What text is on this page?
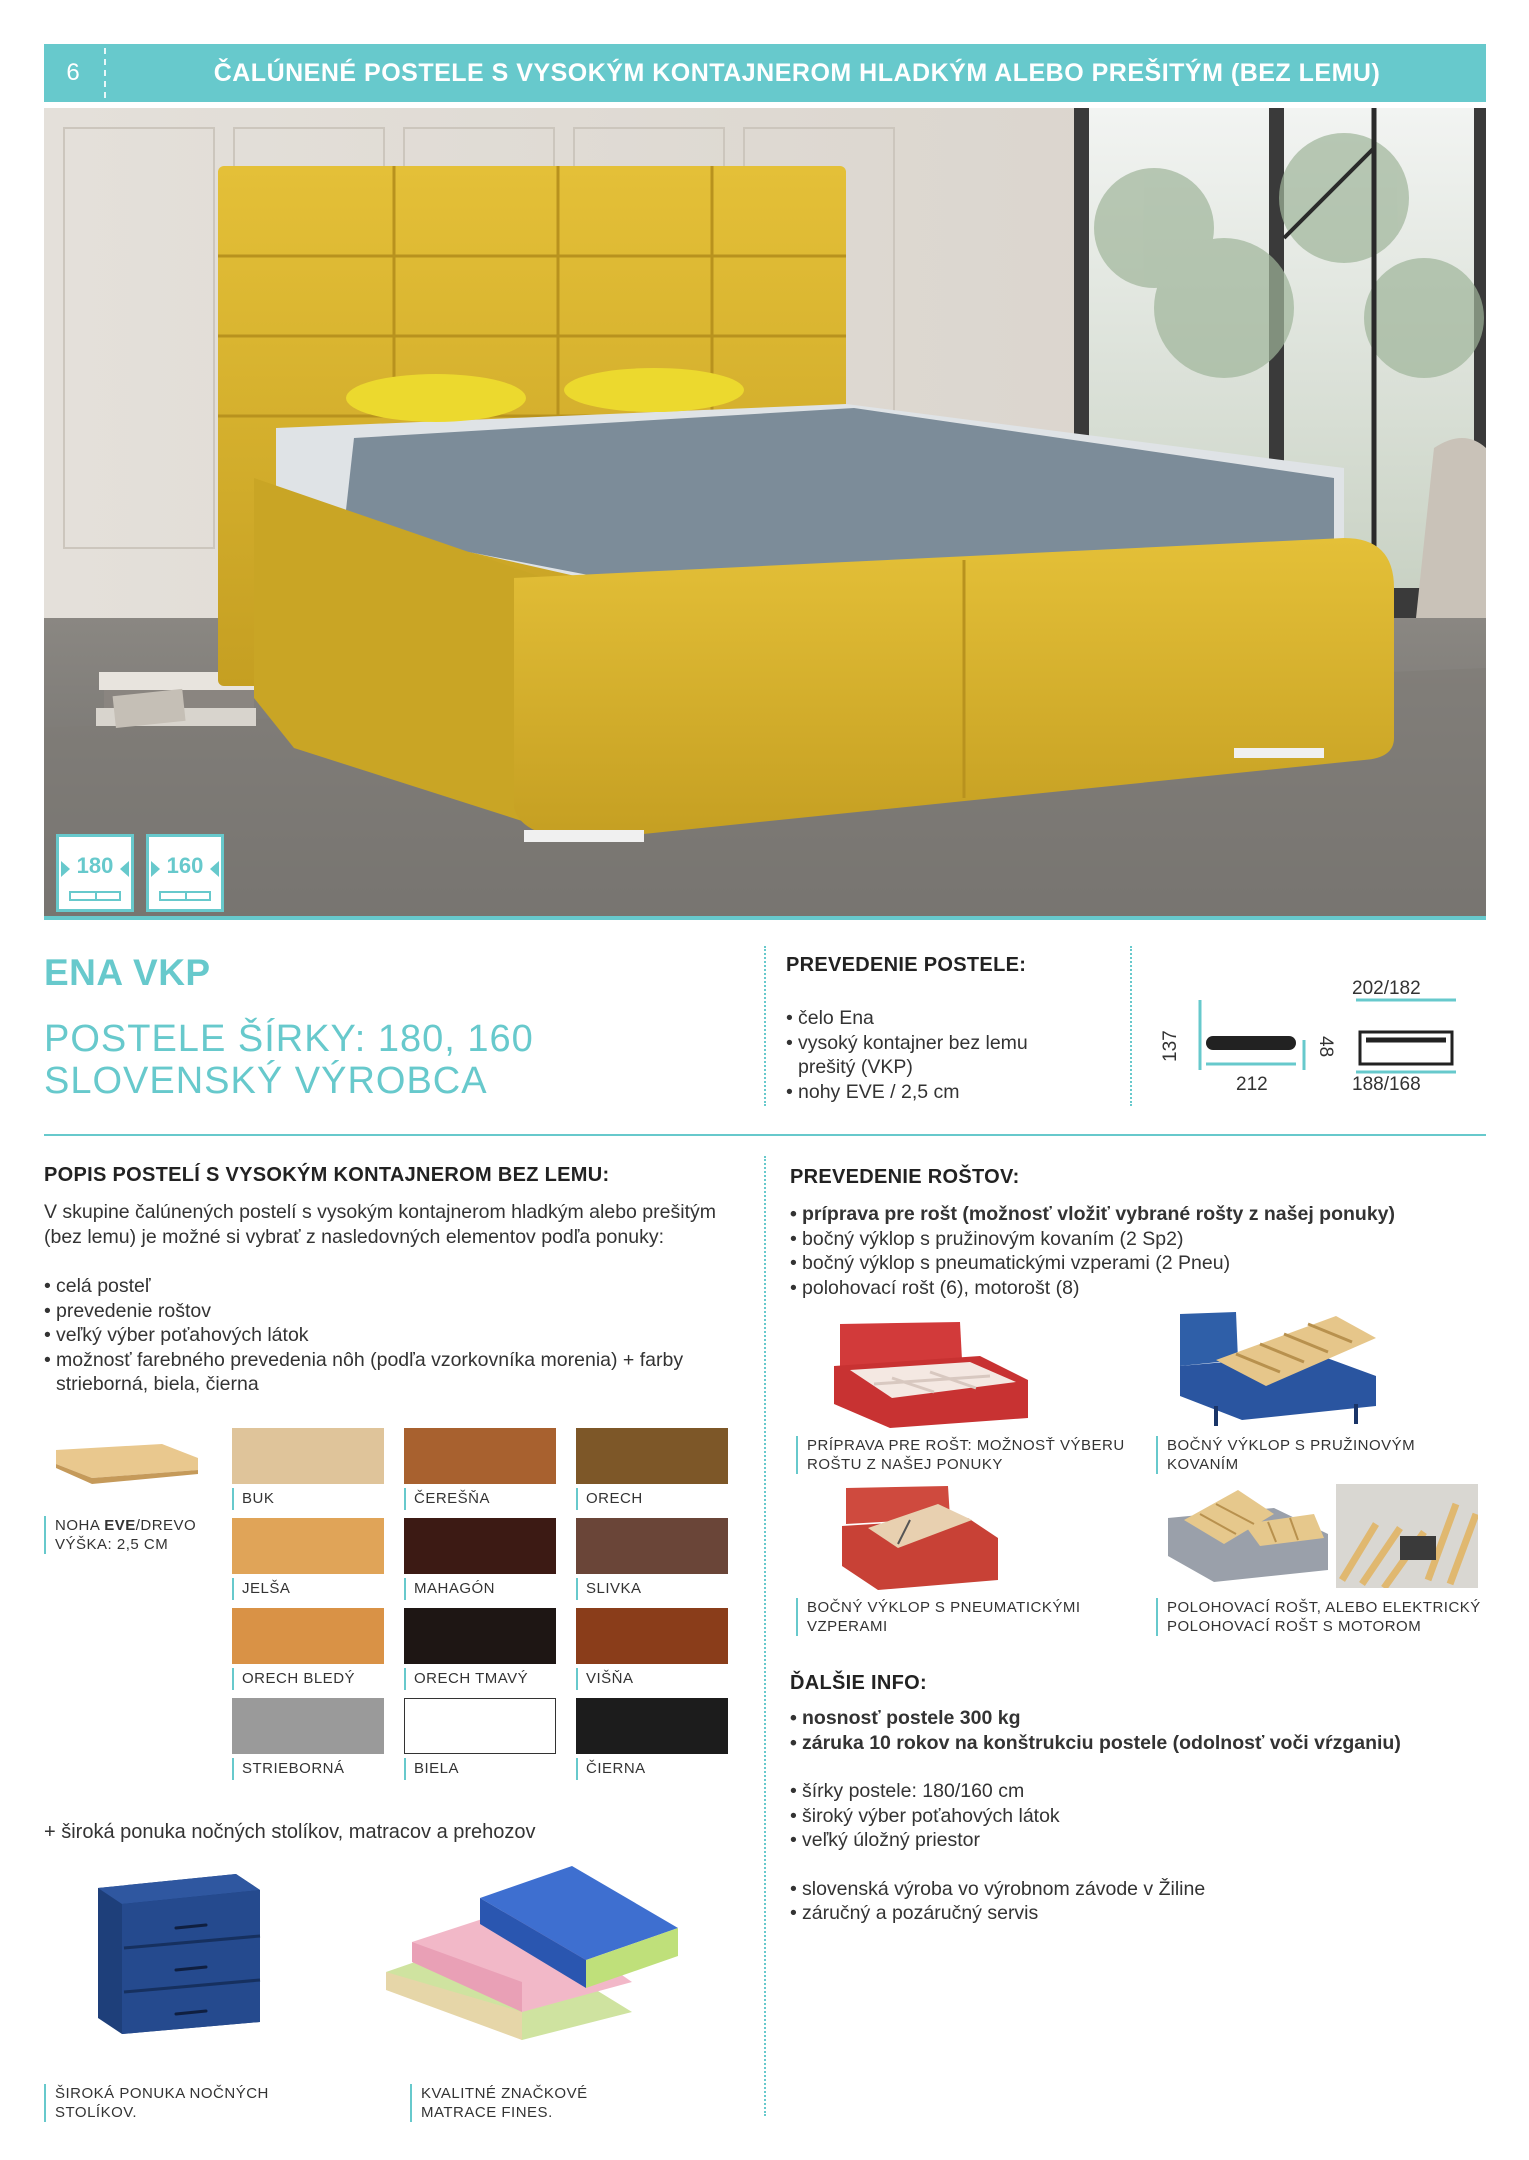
6	ČALÚNENÉ POSTELE S VYSOKÝM KONTAJNEROM HLADKÝM ALEBO PREŠITÝM (BEZ LEMU)
180	160
ENA VKP
POSTELE ŠÍRKY: 180, 160
SLOVENSKÝ VÝROBCA
PREVEDENIE POSTELE:
• čelo Ena
• vysoký kontajner bez lemu
prešitý (VKP)
• nohy EVE / 2,5 cm
137	48
212
202/182
188/168
POPIS POSTELÍ S VYSOKÝM KONTAJNEROM BEZ LEMU:
V skupine čalúnených postelí s vysokým kontajnerom hladkým alebo prešitým
(bez lemu) je možné si vybrať z nasledovných elementov podľa ponuky:
• celá posteľ
• prevedenie roštov
• veľký výber poťahových látok
• možnosť farebného prevedenia nôh (podľa vzorkovníka morenia) + farby
strieborná, biela, čierna
NOHA EVE/DREVO
VÝŠKA: 2,5 CM
BUK	ČEREŠŇA	ORECH
JELŠA	MAHAGÓN	SLIVKA
ORECH BLEDÝ	ORECH TMAVÝ	VIŠŇA
STRIEBORNÁ	BIELA	ČIERNA
+ široká ponuka nočných stolíkov, matracov a prehozov
ŠIROKÁ PONUKA NOČNÝCH
STOLÍKOV.
KVALITNÉ ZNAČKOVÉ
MATRACE FINES.
PREVEDENIE ROŠTOV:
• príprava pre rošt (možnosť vložiť vybrané rošty z našej ponuky)
• bočný výklop s pružinovým kovaním (2 Sp2)
• bočný výklop s pneumatickými vzperami (2 Pneu)
• polohovací rošt (6), motorošt (8)
PRÍPRAVA PRE ROŠT: MOŽNOSŤ VÝBERU
ROŠTU Z NAŠEJ PONUKY
BOČNÝ VÝKLOP S PRUŽINOVÝM
KOVANÍM
BOČNÝ VÝKLOP S PNEUMATICKÝMI
VZPERAMI
POLOHOVACÍ ROŠT, ALEBO ELEKTRICKÝ
POLOHOVACÍ ROŠT S MOTOROM
ĎALŠIE INFO:
• nosnosť postele 300 kg
• záruka 10 rokov na konštrukciu postele (odolnosť voči vŕzganiu)
• šírky postele: 180/160 cm
• široký výber poťahových látok
• veľký úložný priestor
• slovenská výroba vo výrobnom závode v Žiline
• záručný a pozáručný servis
